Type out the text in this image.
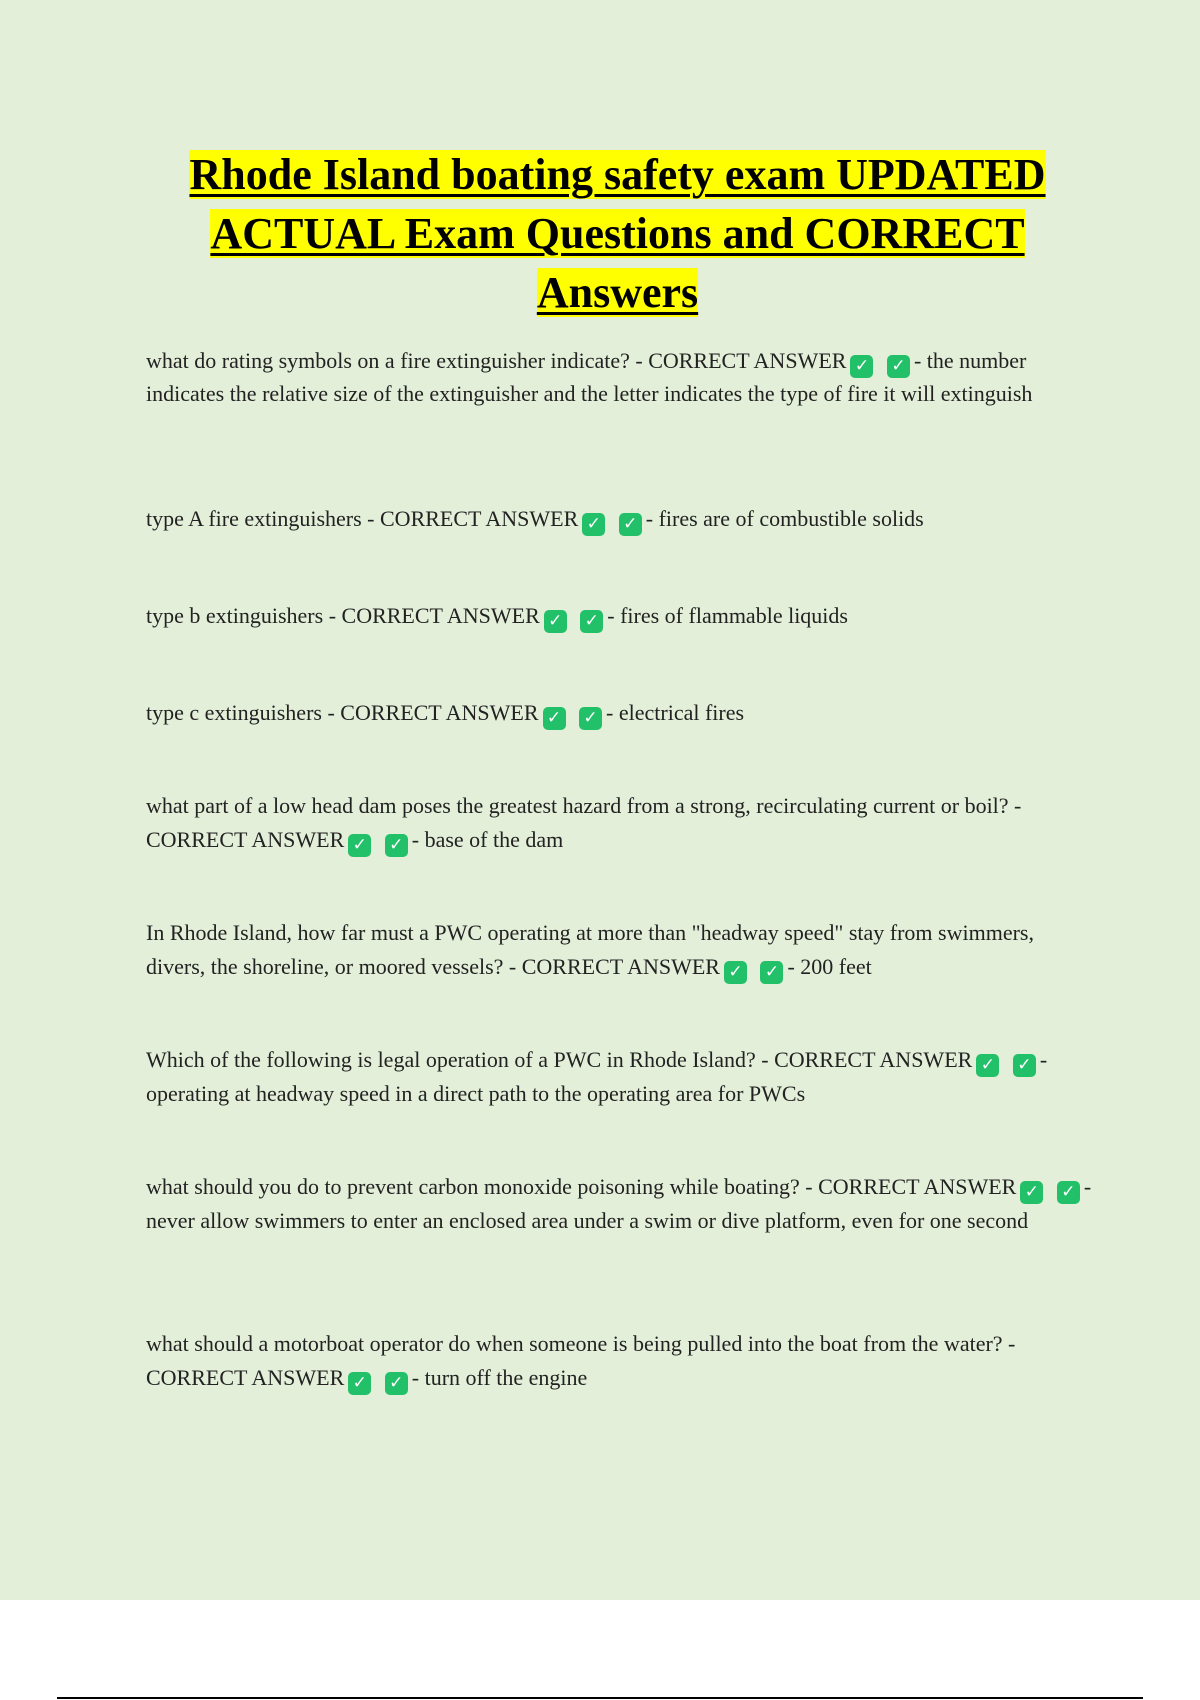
Rhode Island boating safety exam UPDATED ACTUAL Exam Questions and CORRECT Answers

what do rating symbols on a fire extinguisher indicate? - CORRECT ANSWER ✓ ✓ - the number indicates the relative size of the extinguisher and the letter indicates the type of fire it will extinguish

type A fire extinguishers - CORRECT ANSWER ✓ ✓ - fires are of combustible solids

type b extinguishers - CORRECT ANSWER ✓ ✓ - fires of flammable liquids

type c extinguishers - CORRECT ANSWER ✓ ✓ - electrical fires

what part of a low head dam poses the greatest hazard from a strong, recirculating current or boil? - CORRECT ANSWER ✓ ✓ - base of the dam

In Rhode Island, how far must a PWC operating at more than "headway speed" stay from swimmers, divers, the shoreline, or moored vessels? - CORRECT ANSWER ✓ ✓ - 200 feet

Which of the following is legal operation of a PWC in Rhode Island? - CORRECT ANSWER ✓ ✓ - operating at headway speed in a direct path to the operating area for PWCs

what should you do to prevent carbon monoxide poisoning while boating? - CORRECT ANSWER ✓ ✓ - never allow swimmers to enter an enclosed area under a swim or dive platform, even for one second

what should a motorboat operator do when someone is being pulled into the boat from the water? - CORRECT ANSWER ✓ ✓ - turn off the engine
